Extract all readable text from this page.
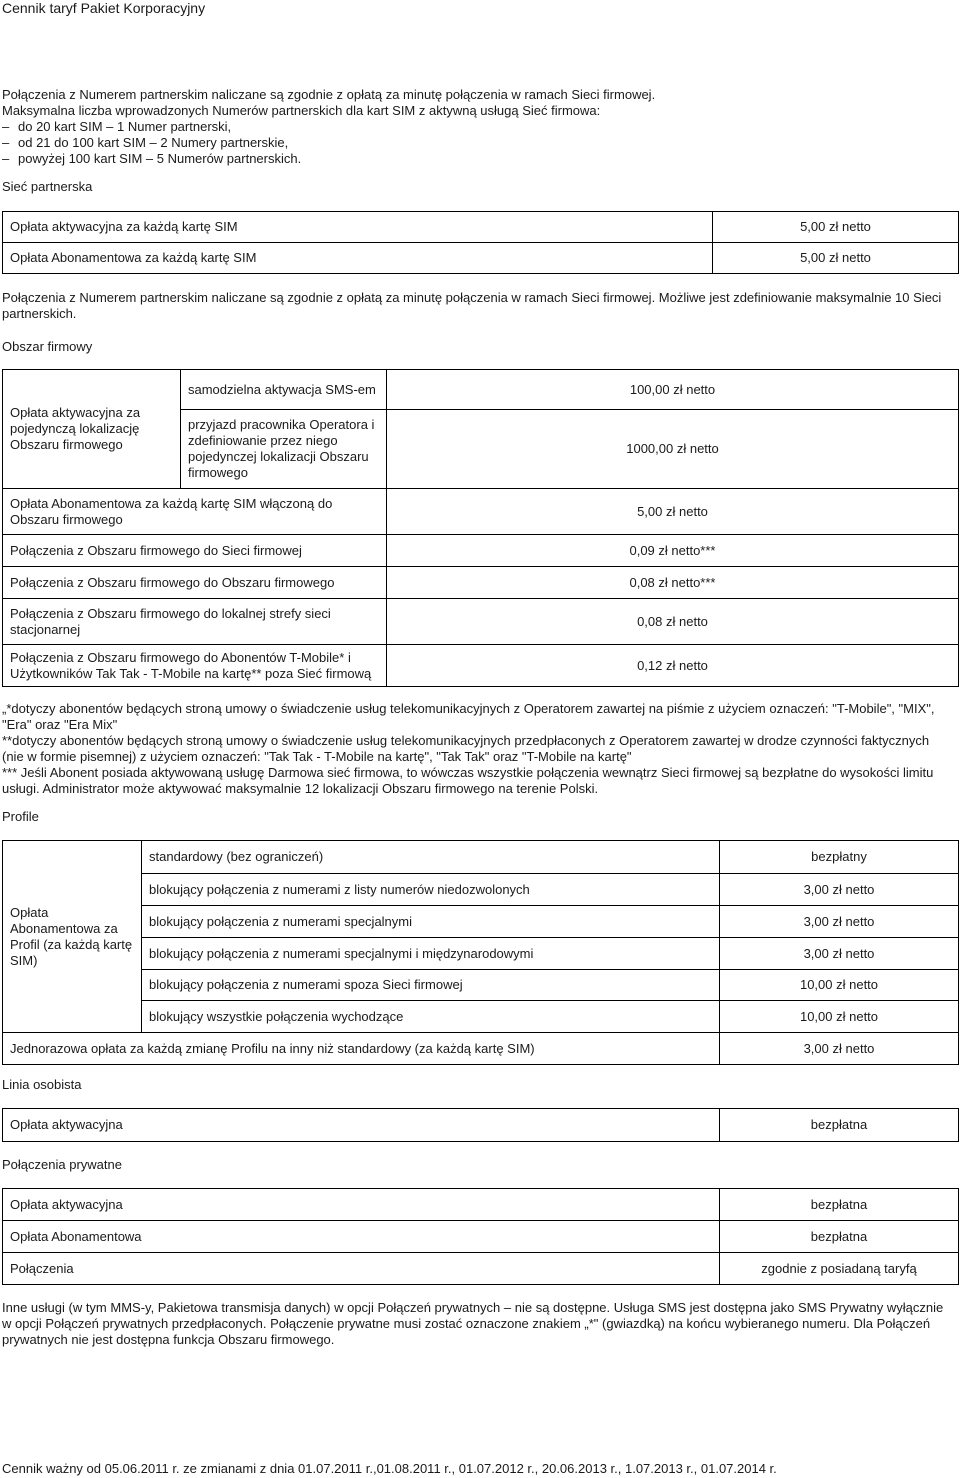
Cennik taryf Pakiet Korporacyjny
Połączenia z Numerem partnerskim naliczane są zgodnie z opłatą za minutę połączenia w ramach Sieci firmowej.
Maksymalna liczba wprowadzonych Numerów partnerskich dla kart SIM z aktywną usługą Sieć firmowa:
– do 20 kart SIM – 1 Numer partnerski,
– od 21 do 100 kart SIM – 2 Numery partnerskie,
– powyżej 100 kart SIM – 5 Numerów partnerskich.
Sieć partnerska
Opłata aktywacyjna za każdą kartę SIM	5,00 zł netto
Opłata Abonamentowa za każdą kartę SIM	5,00 zł netto
Połączenia z Numerem partnerskim naliczane są zgodnie z opłatą za minutę połączenia w ramach Sieci firmowej. Możliwe jest zdefiniowanie maksymalnie 10 Sieci partnerskich.
Obszar firmowy
Opłata aktywacyjna za pojedynczą lokalizację Obszaru firmowego	samodzielna aktywacja SMS-em	100,00 zł netto
	przyjazd pracownika Operatora i zdefiniowanie przez niego pojedynczej lokalizacji Obszaru firmowego	1000,00 zł netto
Opłata Abonamentowa za każdą kartę SIM włączoną do Obszaru firmowego		5,00 zł netto
Połączenia z Obszaru firmowego do Sieci firmowej		0,09 zł netto***
Połączenia z Obszaru firmowego do Obszaru firmowego		0,08 zł netto***
Połączenia z Obszaru firmowego do lokalnej strefy sieci stacjonarnej		0,08 zł netto
Połączenia z Obszaru firmowego do Abonentów T-Mobile* i Użytkowników Tak Tak - T-Mobile na kartę** poza Sieć firmową		0,12 zł netto
„*dotyczy abonentów będących stroną umowy o świadczenie usług telekomunikacyjnych z Operatorem zawartej na piśmie z użyciem oznaczeń: "T-Mobile", "MIX", "Era" oraz "Era Mix"
**dotyczy abonentów będących stroną umowy o świadczenie usług telekomunikacyjnych przedpłaconych z Operatorem zawartej w drodze czynności faktycznych (nie w formie pisemnej) z użyciem oznaczeń: "Tak Tak - T-Mobile na kartę", "Tak Tak" oraz "T-Mobile na kartę"
*** Jeśli Abonent posiada aktywowaną usługę Darmowa sieć firmowa, to wówczas wszystkie połączenia wewnątrz Sieci firmowej są bezpłatne do wysokości limitu usługi. Administrator może aktywować maksymalnie 12 lokalizacji Obszaru firmowego na terenie Polski.
Profile
Opłata Abonamentowa za Profil (za każdą kartę SIM)	standardowy (bez ograniczeń)	bezpłatny
	blokujący połączenia z numerami z listy numerów niedozwolonych	3,00 zł netto
	blokujący połączenia z numerami specjalnymi	3,00 zł netto
	blokujący połączenia z numerami specjalnymi i międzynarodowymi	3,00 zł netto
	blokujący połączenia z numerami spoza Sieci firmowej	10,00 zł netto
	blokujący wszystkie połączenia wychodzące	10,00 zł netto
Jednorazowa opłata za każdą zmianę Profilu na inny niż standardowy (za każdą kartę SIM)		3,00 zł netto
Linia osobista
Opłata aktywacyjna	bezpłatna
Połączenia prywatne
Opłata aktywacyjna	bezpłatna
Opłata Abonamentowa	bezpłatna
Połączenia	zgodnie z posiadaną taryfą
Inne usługi (w tym MMS-y, Pakietowa transmisja danych) w opcji Połączeń prywatnych – nie są dostępne. Usługa SMS jest dostępna jako SMS Prywatny wyłącznie w opcji Połączeń prywatnych przedpłaconych. Połączenie prywatne musi zostać oznaczone znakiem „*" (gwiazdką) na końcu wybieranego numeru. Dla Połączeń prywatnych nie jest dostępna funkcja Obszaru firmowego.
Cennik ważny od 05.06.2011 r. ze zmianami z dnia 01.07.2011 r.,01.08.2011 r., 01.07.2012 r., 20.06.2013 r., 1.07.2013 r., 01.07.2014 r.
